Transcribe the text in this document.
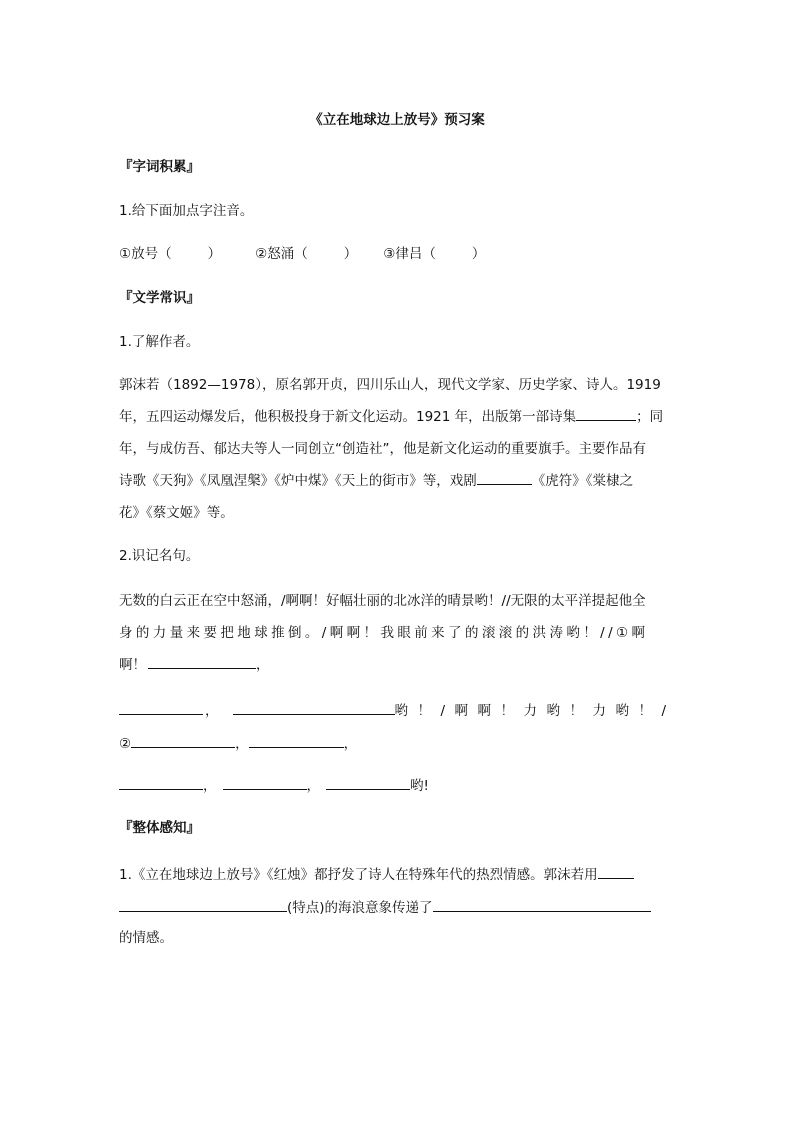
《立在地球边上放号》预习案
『字词积累』
1.给下面加点字注音。
①放号（	）	②怒涌（	） ③律吕（	）
『文学常识』
1.了解作者。
郭沫若（1892—1978），原名郭开贞，四川乐山人，现代文学家、历史学家、诗人。1919
年，五四运动爆发后，他积极投身于新文化运动。1921 年，出版第一部诗集	；同
年，与成仿吾、郁达夫等人一同创立“创造社”，他是新文化运动的重要旗手。主要作品有
诗歌《天狗》《凤凰涅槃》《炉中煤》《天上的街市》等，戏剧	《虎符》《棠棣之
花》《蔡文姬》等。
2.识记名句。
无数的白云正在空中怒涌，/啊啊！好幅壮丽的北冰洋的晴景哟！//无限的太平洋提起他全
身的力量来要把地球推倒。/啊啊！我眼前来了的滚滚的洪涛哟！//①啊
啊！	，
，	哟！/啊啊！力哟！力哟！/
②	，	，
，	，	哟!
『整体感知』
1.《立在地球边上放号》《红烛》都抒发了诗人在特殊年代的热烈情感。郭沫若用
(特点)的海浪意象传递了
的情感。
